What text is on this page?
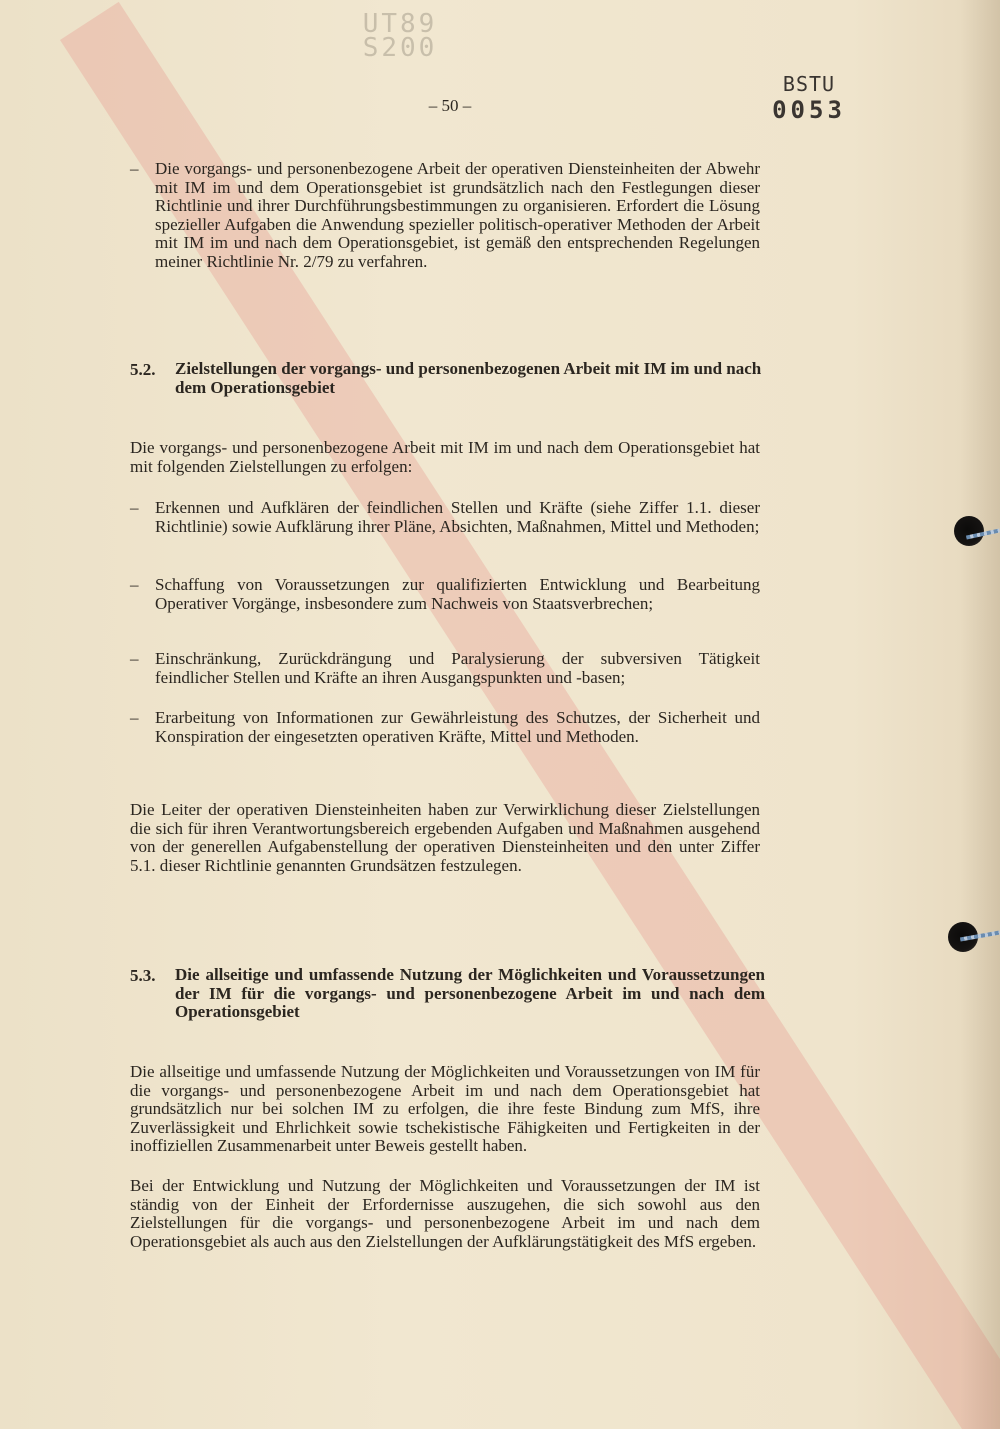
UT89
S200
BSTU
0053
– 50 –
– Die vorgangs- und personenbezogene Arbeit der operativen Diensteinheiten der Abwehr mit IM im und dem Operationsgebiet ist grundsätzlich nach den Festlegungen dieser Richtlinie und ihrer Durchführungsbestimmungen zu organisieren. Erfordert die Lösung spezieller Aufgaben die Anwendung spezieller politisch-operativer Methoden der Arbeit mit IM im und nach dem Operationsgebiet, ist gemäß den entsprechenden Regelungen meiner Richtlinie Nr. 2/79 zu verfahren.
5.2. Zielstellungen der vorgangs- und personenbezogenen Arbeit mit IM im und nach dem Operationsgebiet
Die vorgangs- und personenbezogene Arbeit mit IM im und nach dem Operationsgebiet hat mit folgenden Zielstellungen zu erfolgen:
– Erkennen und Aufklären der feindlichen Stellen und Kräfte (siehe Ziffer 1.1. dieser Richtlinie) sowie Aufklärung ihrer Pläne, Absichten, Maßnahmen, Mittel und Methoden;
– Schaffung von Voraussetzungen zur qualifizierten Entwicklung und Bearbeitung Operativer Vorgänge, insbesondere zum Nachweis von Staatsverbrechen;
– Einschränkung, Zurückdrängung und Paralysierung der subversiven Tätigkeit feindlicher Stellen und Kräfte an ihren Ausgangspunkten und -basen;
– Erarbeitung von Informationen zur Gewährleistung des Schutzes, der Sicherheit und Konspiration der eingesetzten operativen Kräfte, Mittel und Methoden.
Die Leiter der operativen Diensteinheiten haben zur Verwirklichung dieser Zielstellungen die sich für ihren Verantwortungsbereich ergebenden Aufgaben und Maßnahmen ausgehend von der generellen Aufgabenstellung der operativen Diensteinheiten und den unter Ziffer 5.1. dieser Richtlinie genannten Grundsätzen festzulegen.
5.3. Die allseitige und umfassende Nutzung der Möglichkeiten und Voraussetzungen der IM für die vorgangs- und personenbezogene Arbeit im und nach dem Operationsgebiet
Die allseitige und umfassende Nutzung der Möglichkeiten und Voraussetzungen von IM für die vorgangs- und personenbezogene Arbeit im und nach dem Operationsgebiet hat grundsätzlich nur bei solchen IM zu erfolgen, die ihre feste Bindung zum MfS, ihre Zuverlässigkeit und Ehrlichkeit sowie tschekistische Fähigkeiten und Fertigkeiten in der inoffiziellen Zusammenarbeit unter Beweis gestellt haben.
Bei der Entwicklung und Nutzung der Möglichkeiten und Voraussetzungen der IM ist ständig von der Einheit der Erfordernisse auszugehen, die sich sowohl aus den Zielstellungen für die vorgangs- und personenbezogene Arbeit im und nach dem Operationsgebiet als auch aus den Zielstellungen der Aufklärungstätigkeit des MfS ergeben.
